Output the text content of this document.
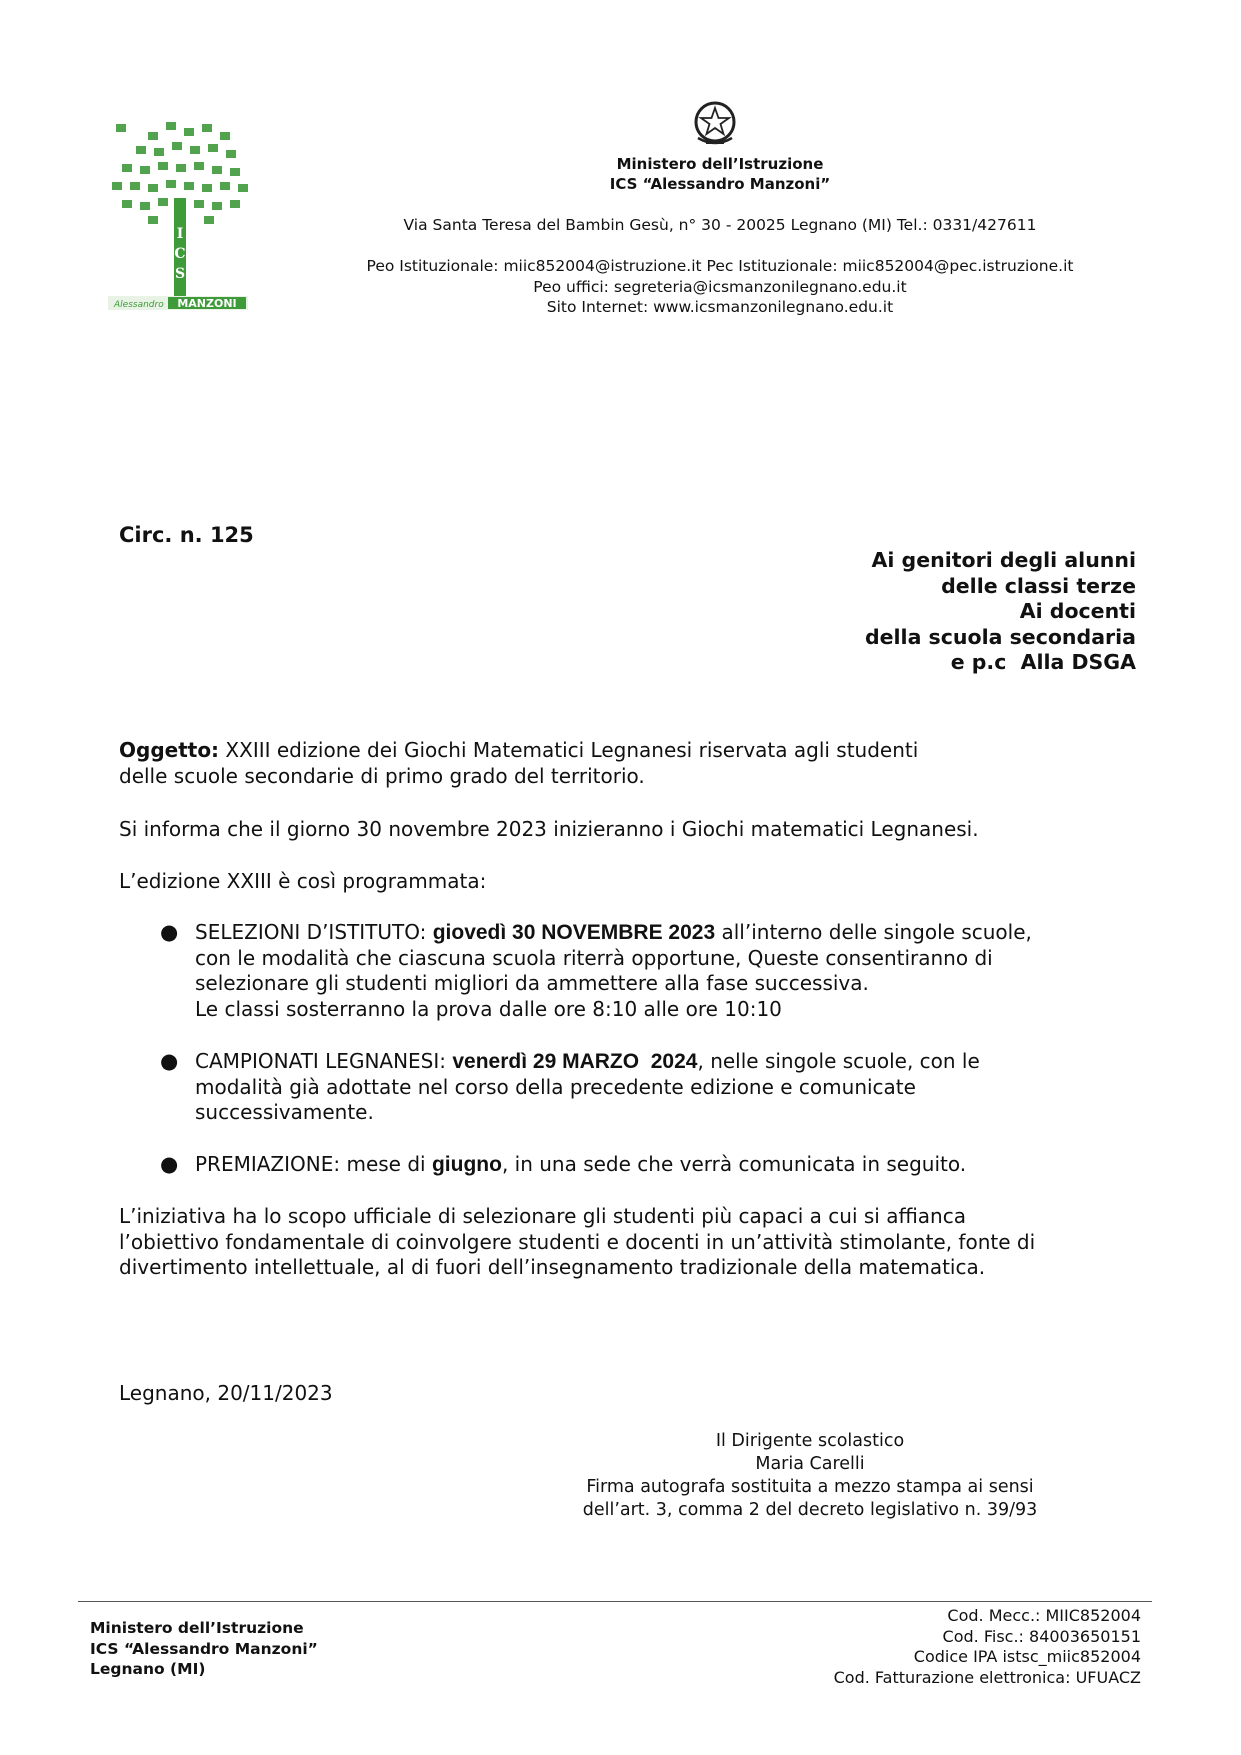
I
C
S
Alessandro MANZONI
Ministero dell’Istruzione
ICS “Alessandro Manzoni”
Via Santa Teresa del Bambin Gesù, n° 30 - 20025 Legnano (MI) Tel.: 0331/427611
Peo Istituzionale: miic852004@istruzione.it Pec Istituzionale: miic852004@pec.istruzione.it
Peo uffici: segreteria@icsmanzonilegnano.edu.it
Sito Internet: www.icsmanzonilegnano.edu.it
Circ. n. 125
Ai genitori degli alunni
delle classi terze
Ai docenti
della scuola secondaria
e p.c  Alla DSGA
Oggetto: XXIII edizione dei Giochi Matematici Legnanesi riservata agli studenti
delle scuole secondarie di primo grado del territorio.
Si informa che il giorno 30 novembre 2023 inizieranno i Giochi matematici Legnanesi.
L’edizione XXIII è così programmata:
● SELEZIONI D’ISTITUTO: giovedì 30 NOVEMBRE 2023 all’interno delle singole scuole,
con le modalità che ciascuna scuola riterrà opportune, Queste consentiranno di
selezionare gli studenti migliori da ammettere alla fase successiva.
Le classi sosterranno la prova dalle ore 8:10 alle ore 10:10
● CAMPIONATI LEGNANESI: venerdì 29 MARZO  2024, nelle singole scuole, con le
modalità già adottate nel corso della precedente edizione e comunicate
successivamente.
● PREMIAZIONE: mese di giugno, in una sede che verrà comunicata in seguito.
L’iniziativa ha lo scopo ufficiale di selezionare gli studenti più capaci a cui si affianca
l’obiettivo fondamentale di coinvolgere studenti e docenti in un’attività stimolante, fonte di
divertimento intellettuale, al di fuori dell’insegnamento tradizionale della matematica.
Legnano, 20/11/2023
Il Dirigente scolastico
Maria Carelli
Firma autografa sostituita a mezzo stampa ai sensi
dell’art. 3, comma 2 del decreto legislativo n. 39/93
Ministero dell’Istruzione
ICS “Alessandro Manzoni”
Legnano (MI)
Cod. Mecc.: MIIC852004
Cod. Fisc.: 84003650151
Codice IPA istsc_miic852004
Cod. Fatturazione elettronica: UFUACZ
